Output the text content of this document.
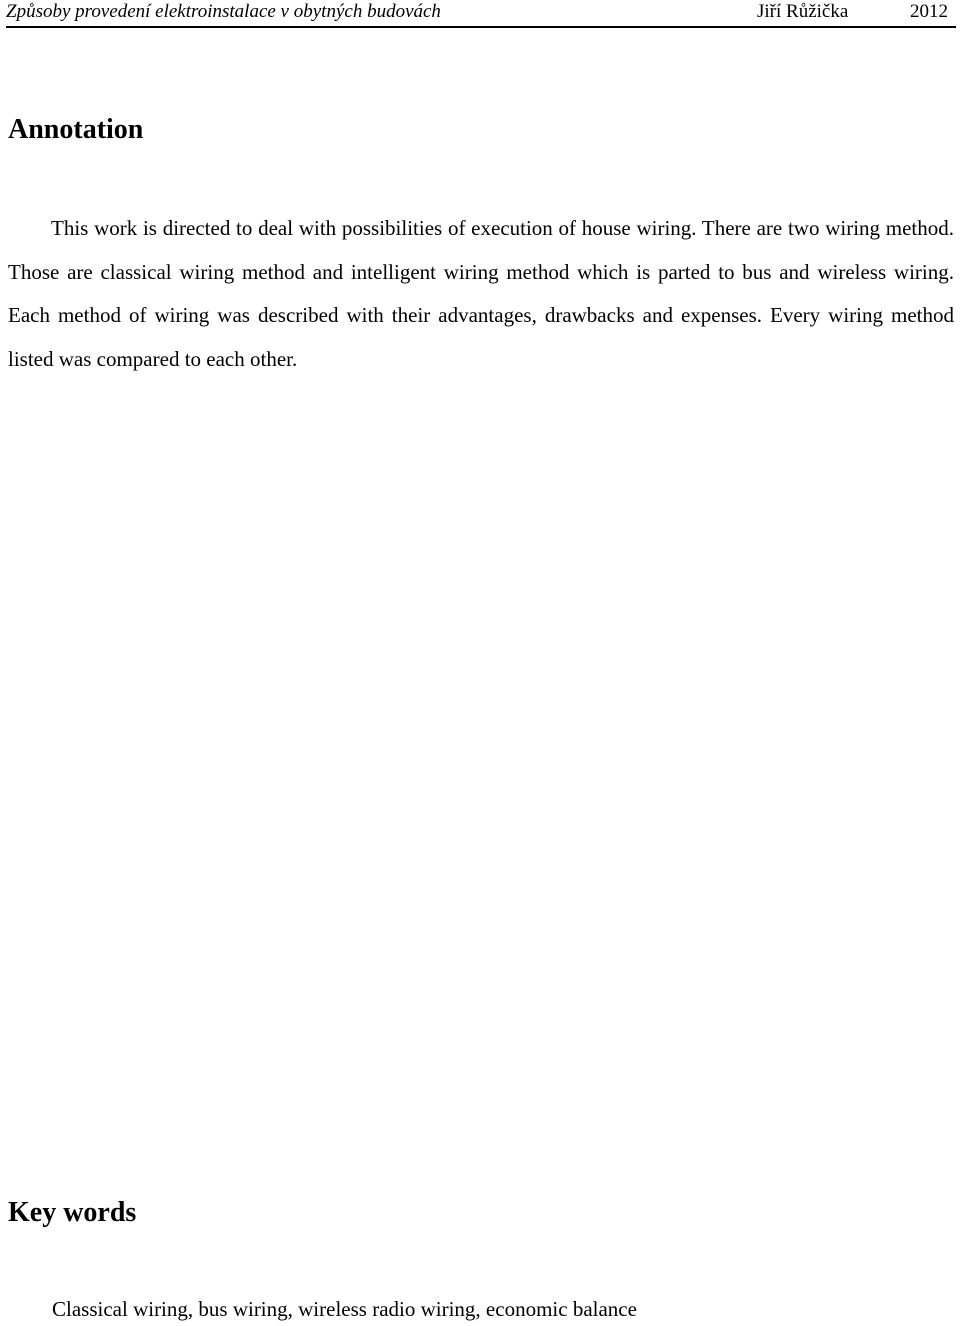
Způsoby provedení elektroinstalace v obytných budovách	Jiří Růžička	2012
Annotation

This work is directed to deal with possibilities of execution of house wiring. There are two wiring method. Those are classical wiring method and intelligent wiring method which is parted to bus and wireless wiring. Each method of wiring was described with their advantages, drawbacks and expenses. Every wiring method listed was compared to each other.

Key words

Classical wiring, bus wiring, wireless radio wiring, economic balance
